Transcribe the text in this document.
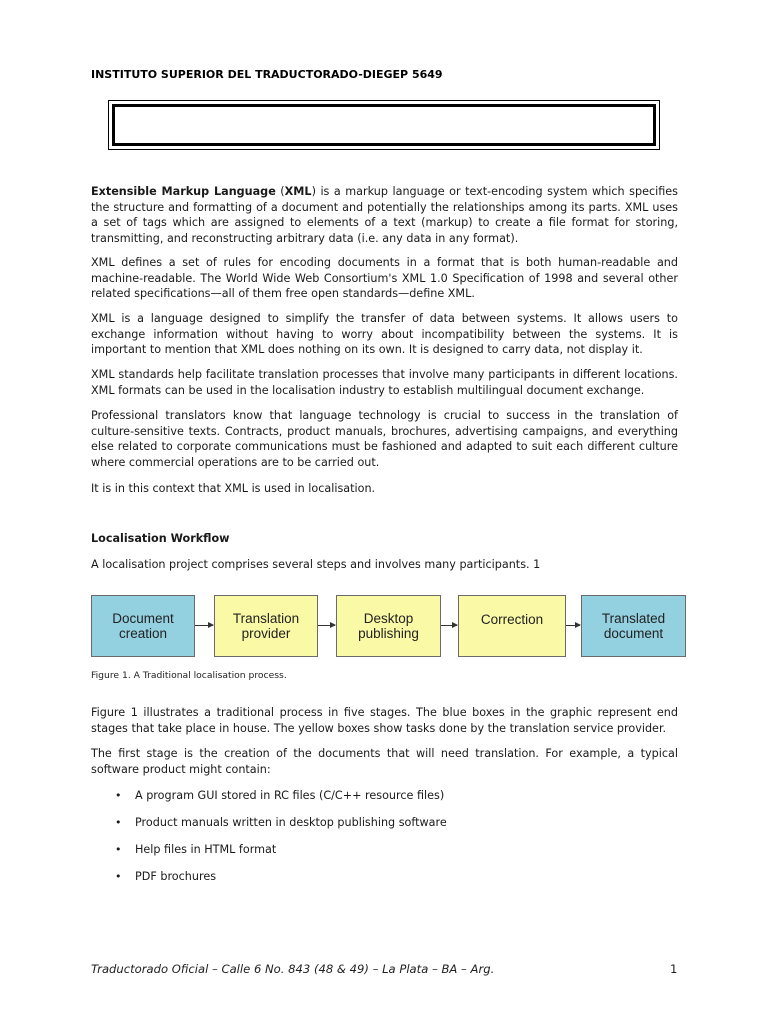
INSTITUTO SUPERIOR DEL TRADUCTORADO-DIEGEP 5649

Extensible Markup Language (XML) is a markup language or text-encoding system which specifies the structure and formatting of a document and potentially the relationships among its parts. XML uses a set of tags which are assigned to elements of a text (markup) to create a file format for storing, transmitting, and reconstructing arbitrary data (i.e. any data in any format).

XML defines a set of rules for encoding documents in a format that is both human-readable and machine-readable. The World Wide Web Consortium's XML 1.0 Specification of 1998 and several other related specifications—all of them free open standards—define XML.

XML is a language designed to simplify the transfer of data between systems. It allows users to exchange information without having to worry about incompatibility between the systems. It is important to mention that XML does nothing on its own. It is designed to carry data, not display it.

XML standards help facilitate translation processes that involve many participants in different locations. XML formats can be used in the localisation industry to establish multilingual document exchange.

Professional translators know that language technology is crucial to success in the translation of culture-sensitive texts. Contracts, product manuals, brochures, advertising campaigns, and everything else related to corporate communications must be fashioned and adapted to suit each different culture where commercial operations are to be carried out.

It is in this context that XML is used in localisation.

Localisation Workflow

A localisation project comprises several steps and involves many participants. 1

Document
creation
Translation
provider
Desktop
publishing
Correction	Translated
document
Figure 1. A Traditional localisation process.

Figure 1 illustrates a traditional process in five stages. The blue boxes in the graphic represent end stages that take place in house. The yellow boxes show tasks done by the translation service provider.

The first stage is the creation of the documents that will need translation. For example, a typical software product might contain:

• A program GUI stored in RC files (C/C++ resource files)
• Product manuals written in desktop publishing software
• Help files in HTML format
• PDF brochures
Traductorado Oficial – Calle 6 No. 843 (48 & 49) – La Plata – BA – Arg.	1
